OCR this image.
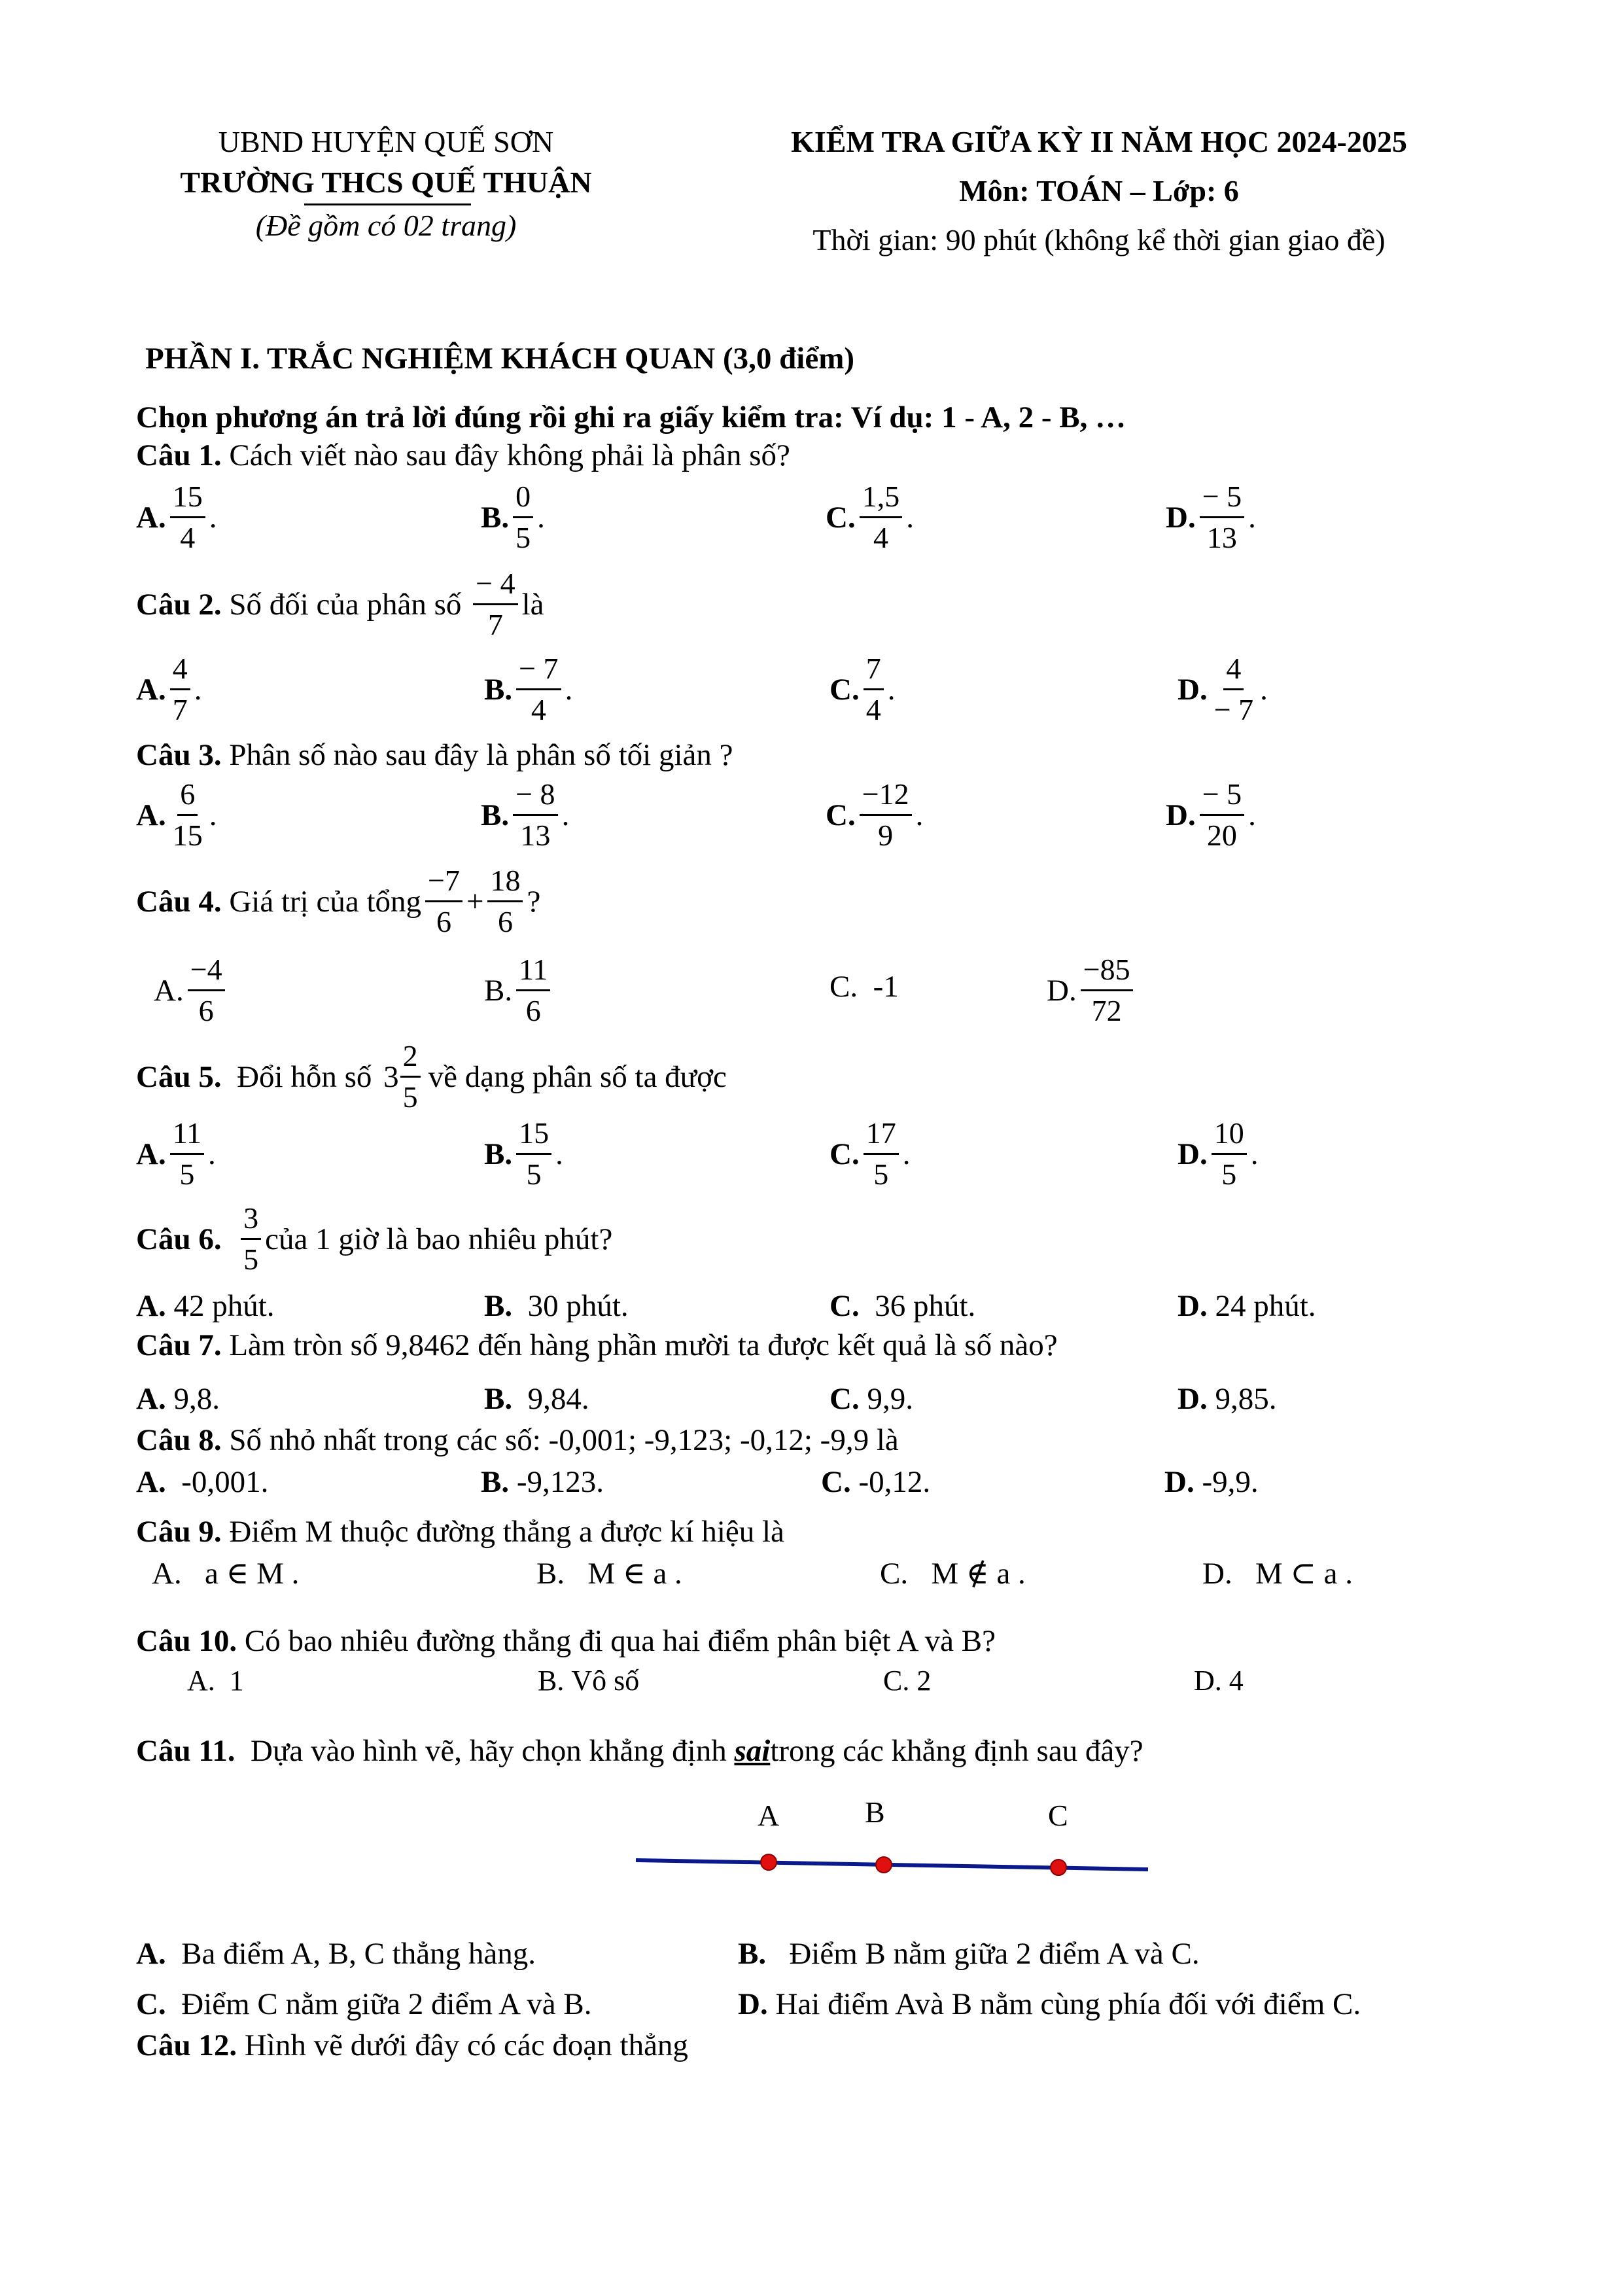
UBND HUYỆN QUẾ SƠN
TRƯỜNG THCS QUẾ THUẬN
(Đề gồm có 02 trang)
KIỂM TRA GIỮA KỲ II NĂM HỌC 2024-2025
Môn: TOÁN – Lớp: 6
Thời gian: 90 phút (không kể thời gian giao đề)
PHẦN I. TRẮC NGHIỆM KHÁCH QUAN (3,0 điểm)
Chọn phương án trả lời đúng rồi ghi ra giấy kiểm tra: Ví dụ: 1 - A, 2 - B, …
Câu 1.
Cách viết nào sau đây không phải là phân số?
A. $\frac{15}{4}$ .	B. $\frac{0}{5}$ .	C. $\frac{1,5}{4}$ .	D. $\frac{- 5}{13}$ .
Câu 2.
Số đối của phân số
$\frac{- 4}{7}$ là
A. $\frac{4}{7}$ .	B. $\frac{- 7}{4}$ .	C. $\frac{7}{4}$ .	D. $\frac{4}{- 7}$ .
Câu 3.
Phân số nào sau đây là phân số tối giản ?
A. $\frac{6}{15}$ .	B. $\frac{- 8}{13}$ .	C. $\frac{-12}{9}$ .	D. $\frac{- 5}{20}$ .
Câu 4.
Giá trị của tổng $\frac{-7}{6} + \frac{18}{6}$ ?
A. $\frac{-4}{6}$	B. $\frac{11}{6}$	C.
-1	D. $\frac{-85}{72}$
Câu 5.
Đổi hỗn số
$3 \frac{2}{5}$ về dạng phân số ta được
A. $\frac{11}{5}$ .	B. $\frac{15}{5}$ .	C. $\frac{17}{5}$ .	D. $\frac{10}{5}$ .
Câu 6.
$\frac{3}{5}$ của 1 giờ là bao nhiêu phút?
A.
42 phút.	B.
30 phút.	C.
36 phút.	D.
24 phút.
Câu 7.
Làm tròn số 9,8462 đến hàng phần mười ta được kết quả là số nào?
A.
9,8.	B.
9,84.	C.
9,9.	D.
9,85.
Câu 8.
Số nhỏ nhất trong các số: -0,001; -9,123; -0,12; -9,9 là
A.
-0,001.	B.
-9,123.	C.
-0,12.	D.
-9,9.
Câu 9.
Điểm M thuộc đường thẳng a được kí hiệu là
A.
a ∈ M .	B.
M ∈ a .	C.
M ∉ a .	D.
M ⊂ a .
Câu 10.
Có bao nhiêu đường thẳng đi qua hai điểm phân biệt A và B?
A.
1	B.
Vô số	C.
2	D.
4
Câu 11.
Dựa vào hình vẽ, hãy chọn khẳng định
sai trong các khẳng định sau đây?
A	B	C
A.
Ba điểm A, B, C thẳng hàng.	B.
Điểm B nằm giữa 2 điểm A và C.
C.
Điểm C nằm giữa 2 điểm A và B.	D.
Hai điểm Avà B nằm cùng phía đối với điểm C.
Câu 12.
Hình vẽ dưới đây có các đoạn thẳng
